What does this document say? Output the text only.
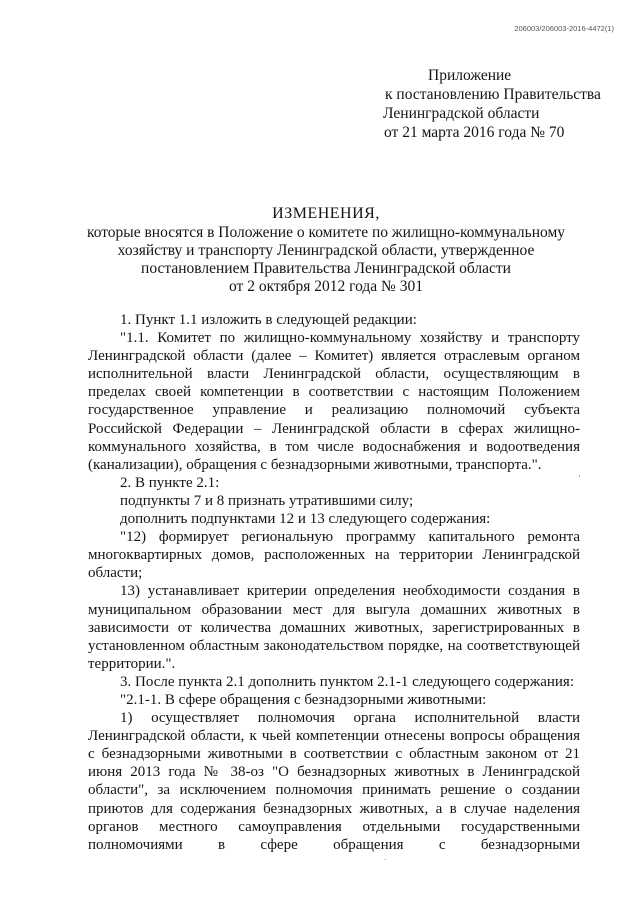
206003/206003-2016-4472(1)
Приложение
к постановлению Правительства
Ленинградской области
от 21 марта 2016 года № 70
ИЗМЕНЕНИЯ,
которые вносятся в Положение о комитете по жилищно-коммунальному
хозяйству и транспорту Ленинградской области, утвержденное
постановлением Правительства Ленинградской области
от 2 октября 2012 года № 301

1. Пункт 1.1 изложить в следующей редакции:

"1.1. Комитет по жилищно-коммунальному хозяйству и транспорту Ленинградской области (далее – Комитет) является отраслевым органом исполнительной власти Ленинградской области, осуществляющим в пределах своей компетенции в соответствии с настоящим Положением государственное управление и реализацию полномочий субъекта Российской Федерации – Ленинградской области в сферах жилищно-коммунального хозяйства, в том числе водоснабжения и водоотведения (канализации), обращения с безнадзорными животными, транспорта.".

2. В пункте 2.1:

подпункты 7 и 8 признать утратившими силу;

дополнить подпунктами 12 и 13 следующего содержания:

"12) формирует региональную программу капитального ремонта многоквартирных домов, расположенных на территории Ленинградской области;

13) устанавливает критерии определения необходимости создания в муниципальном образовании мест для выгула домашних животных в зависимости от количества домашних животных, зарегистрированных в установленном областным законодательством порядке, на соответствующей территории.".

3. После пункта 2.1 дополнить пунктом 2.1-1 следующего содержания:

"2.1-1. В сфере обращения с безнадзорными животными:

1) осуществляет полномочия органа исполнительной власти Ленинградской области, к чьей компетенции отнесены вопросы обращения с безнадзорными животными в соответствии с областным законом от 21 июня 2013 года № 38-оз "О безнадзорных животных в Ленинградской области", за исключением полномочия принимать решение о создании приютов для содержания безнадзорных животных, а в случае наделения органов местного самоуправления отдельными государственными полномочиями в сфере обращения с безнадзорными

,
.
